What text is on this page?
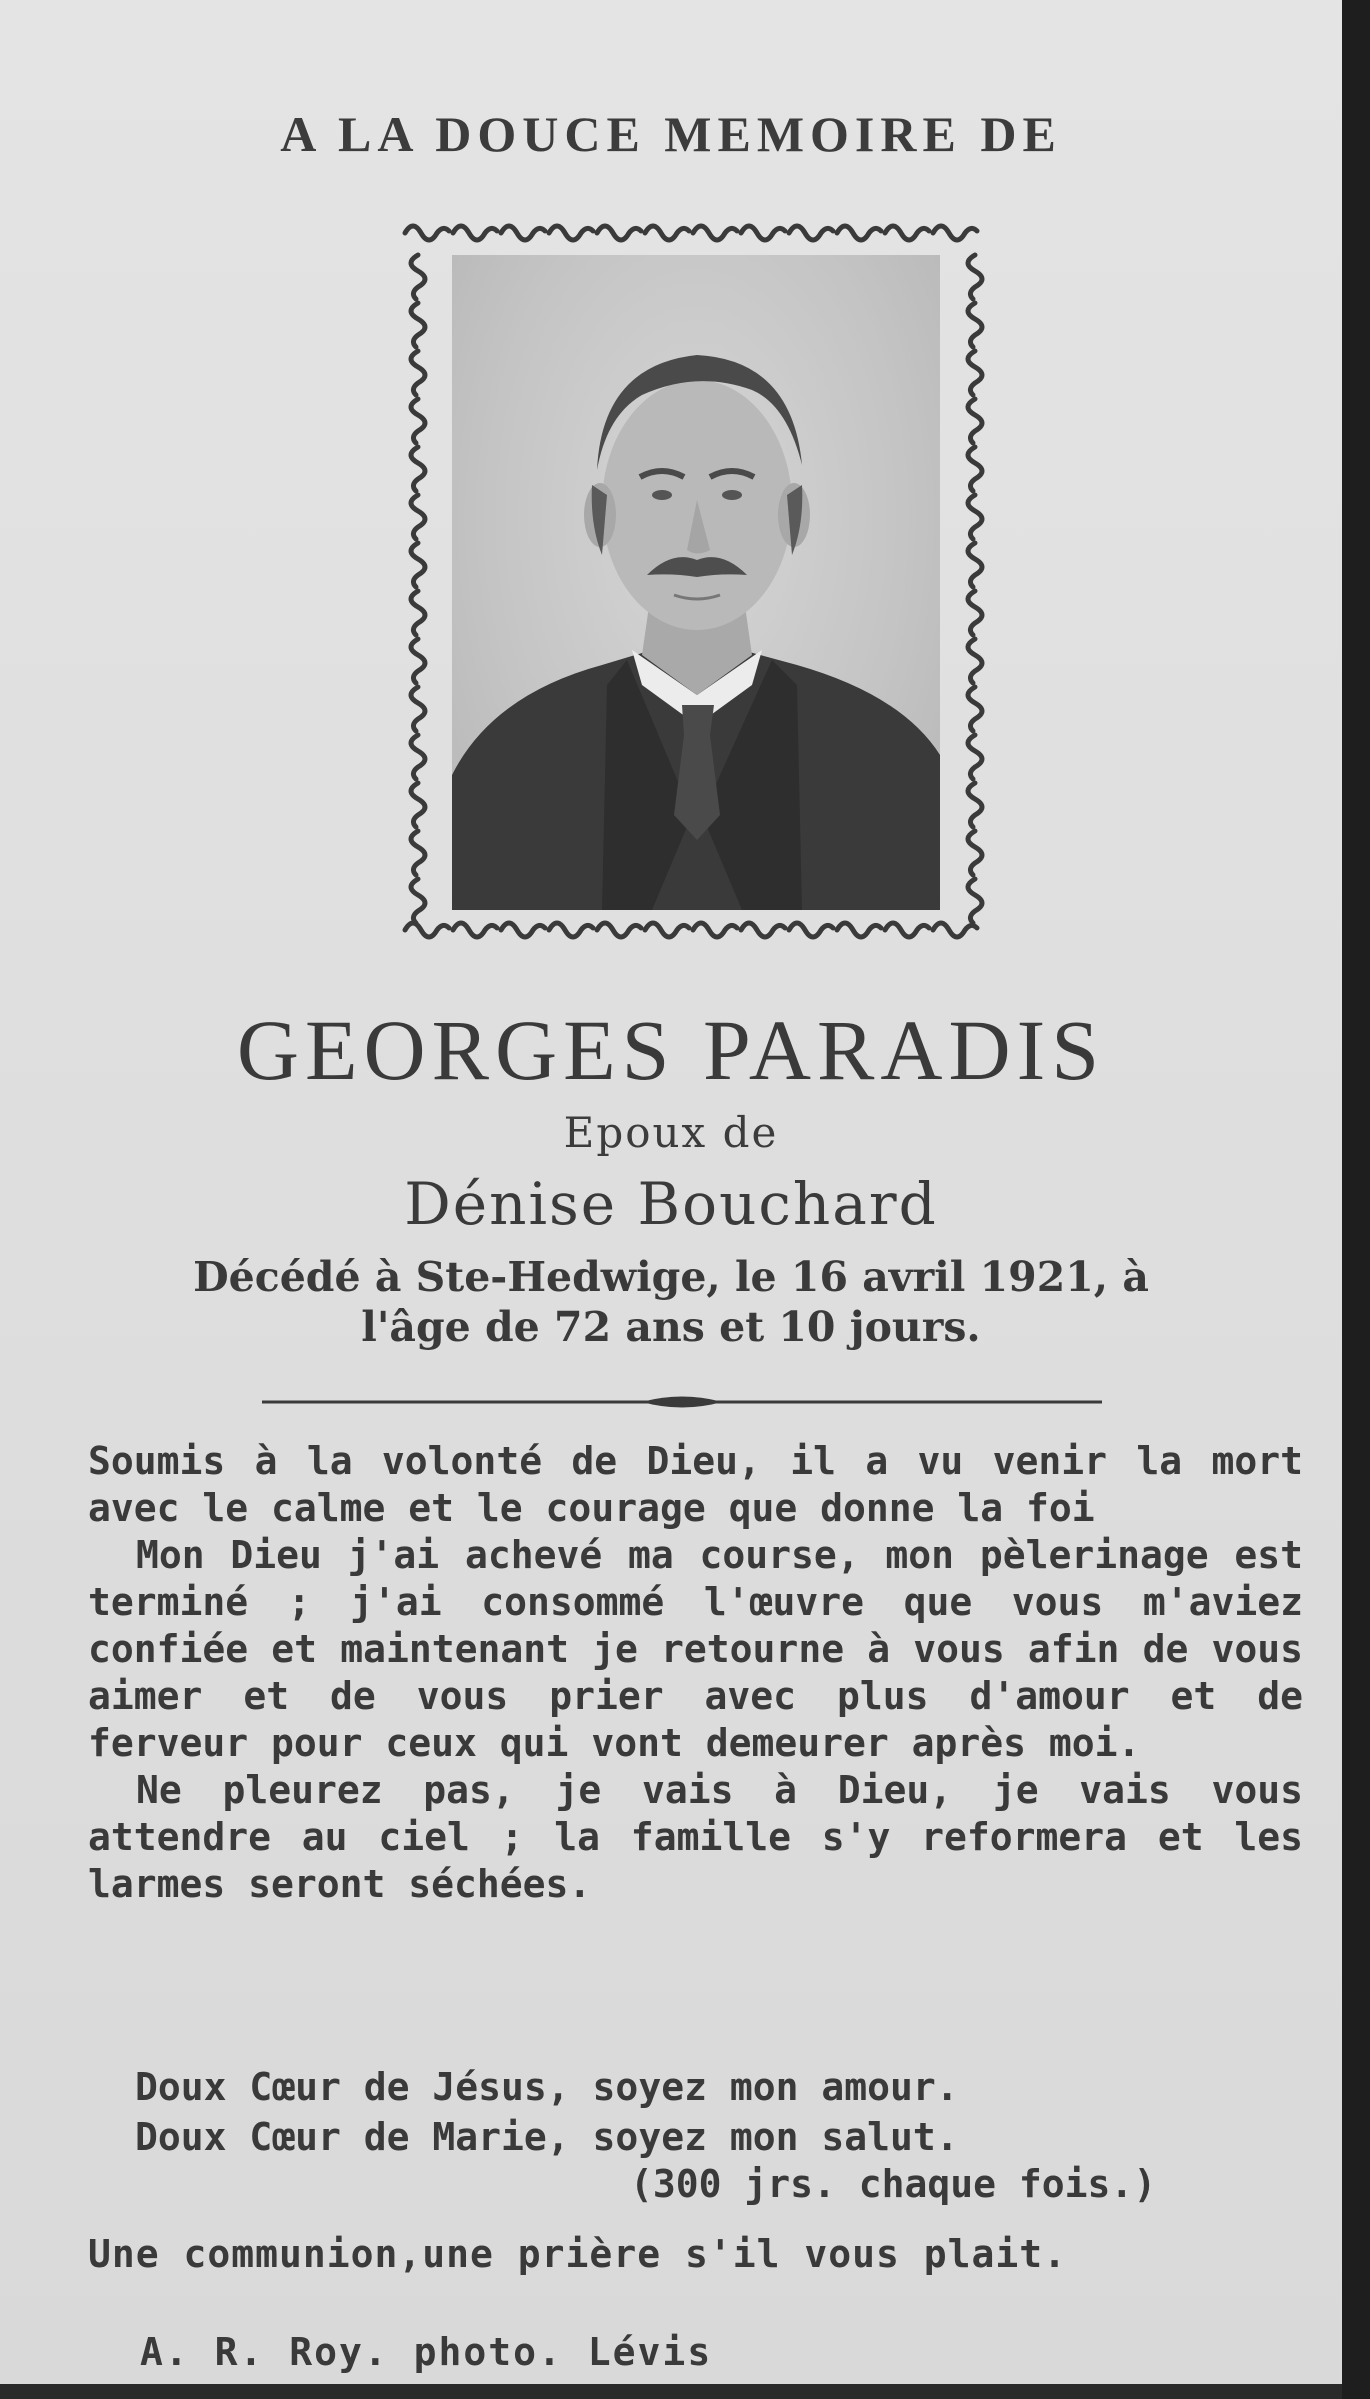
A LA DOUCE MEMOIRE DE
GEORGES PARADIS
Epoux de
Dénise Bouchard
Décédé à Ste-Hedwige, le 16 avril 1921, à
l'âge de 72 ans et 10 jours.

Soumis à la volonté de Dieu, il a vu venir la mort avec le calme et le courage que donne la foi

Mon Dieu j'ai achevé ma course, mon pèlerinage est terminé ; j'ai consommé l'œuvre que vous m'aviez confiée et maintenant je retourne à vous afin de vous aimer et de vous prier avec plus d'amour et de ferveur pour ceux qui vont demeurer après moi.

Ne pleurez pas, je vais à Dieu, je vais vous attendre au ciel ; la famille s'y reformera et les larmes seront séchées.

Doux Cœur de Jésus, soyez mon amour.
Doux Cœur de Marie, soyez mon salut.
(300 jrs. chaque fois.)
Une communion,une prière s'il vous plait.
A. R. Roy. photo. Lévis
